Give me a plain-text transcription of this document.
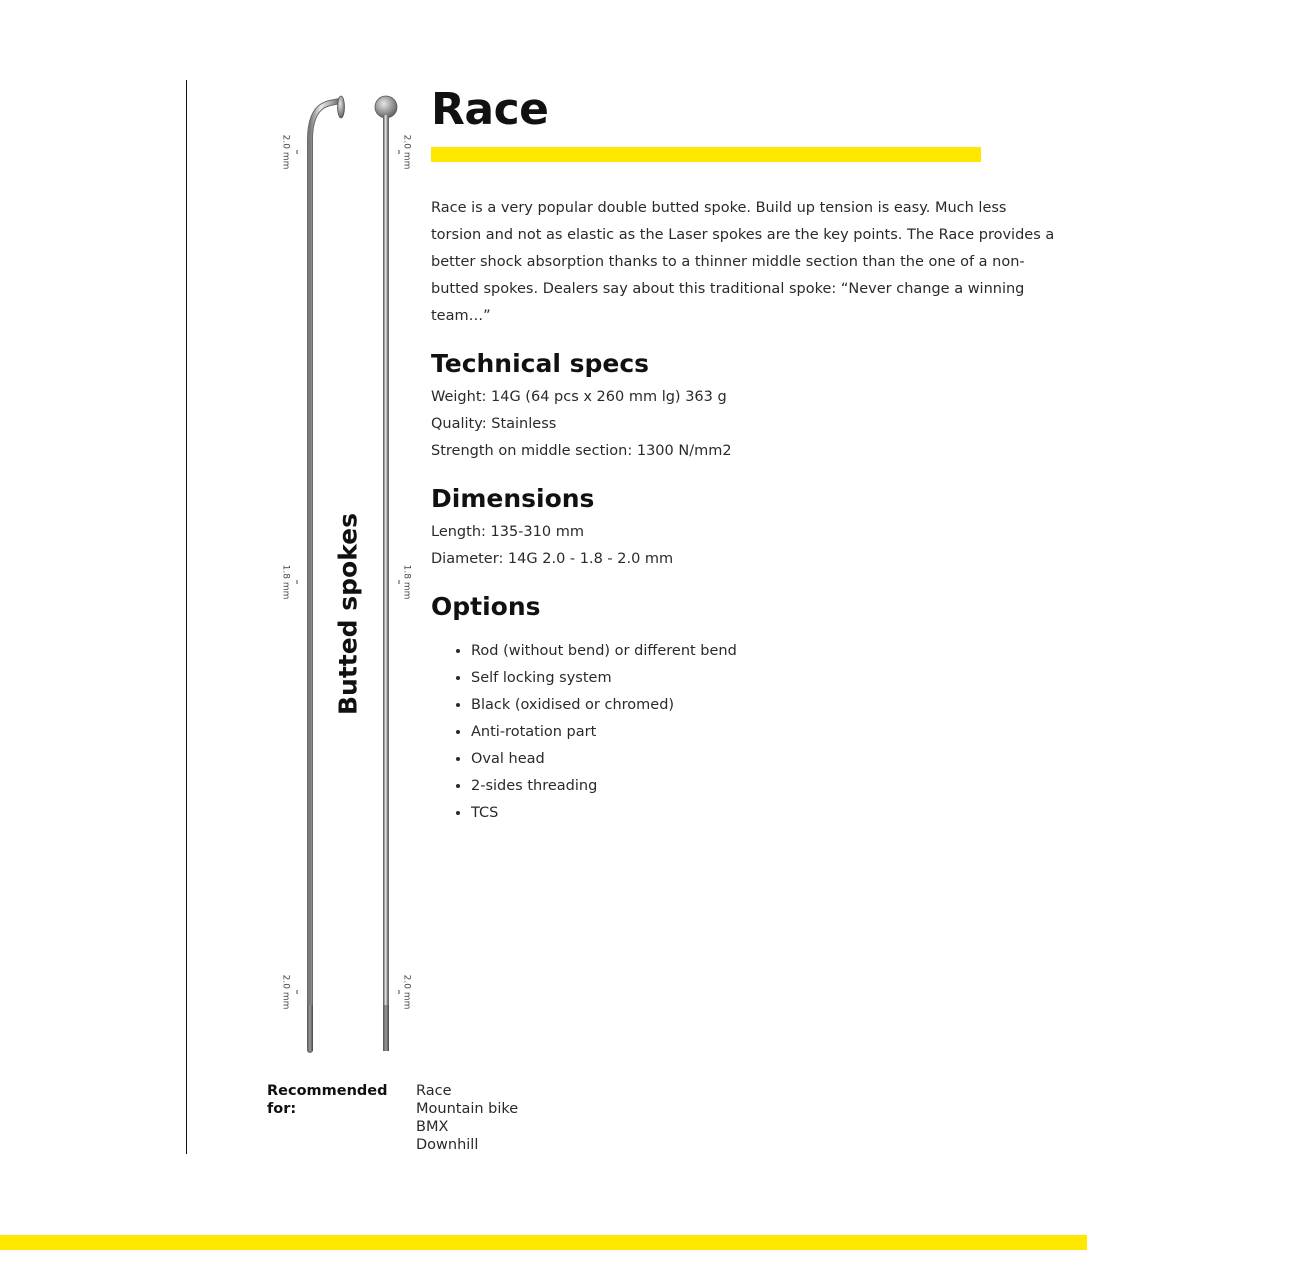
2.0 mm
1.8 mm
2.0 mm
2.0 mm
1.8 mm
2.0 mm
Butted spokes
Race

Race is a very popular double butted spoke. Build up tension is easy. Much less torsion and not as elastic as the Laser spokes are the key points. The Race provides a better shock absorption thanks to a thinner middle section than the one of a non-butted spokes. Dealers say about this traditional spoke: “Never change a winning team…”

Technical specs
Weight: 14G (64 pcs x 260 mm lg) 363 g
Quality: Stainless
Strength on middle section: 1300 N/mm2
Dimensions
Length: 135-310 mm
Diameter: 14G 2.0 - 1.8 - 2.0 mm
Options
• Rod (without bend) or different bend
• Self locking system
• Black (oxidised or chromed)
• Anti-rotation part
• Oval head
• 2-sides threading
• TCS
Recommended for:
Race
Mountain bike
BMX
Downhill
